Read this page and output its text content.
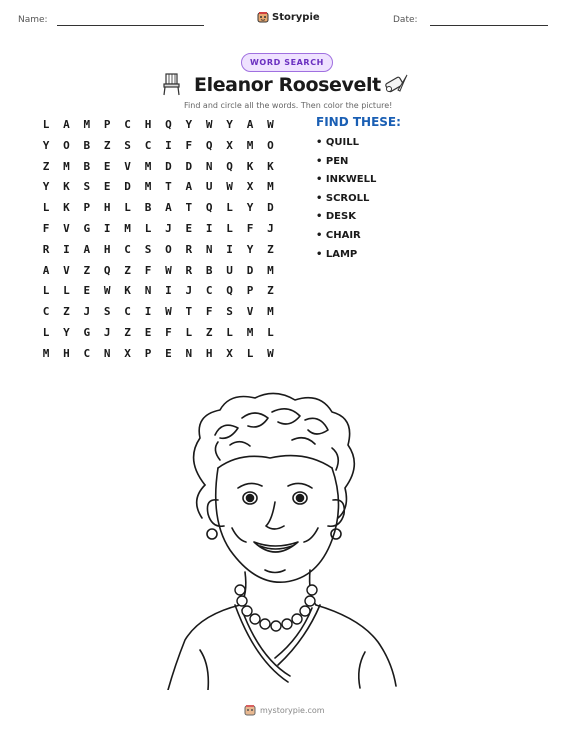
Name:	Storypie	Date:
WORD SEARCH
Eleanor Roosevelt
Find and circle all the words. Then color the picture!
L	A	M	P	C	H	Q	Y	W	Y	A	W
Y	O	B	Z	S	C	I	F	Q	X	M	O
Z	M	B	E	V	M	D	D	N	Q	K	K
Y	K	S	E	D	M	T	A	U	W	X	M
L	K	P	H	L	B	A	T	Q	L	Y	D
F	V	G	I	M	L	J	E	I	L	F	J
R	I	A	H	C	S	O	R	N	I	Y	Z
A	V	Z	Q	Z	F	W	R	B	U	D	M
L	L	E	W	K	N	I	J	C	Q	P	Z
C	Z	J	S	C	I	W	T	F	S	V	M
L	Y	G	J	Z	E	F	L	Z	L	M	L
M	H	C	N	X	P	E	N	H	X	L	W
FIND THESE:
• QUILL
• PEN
• INKWELL
• SCROLL
• DESK
• CHAIR
• LAMP
mystorypie.com
